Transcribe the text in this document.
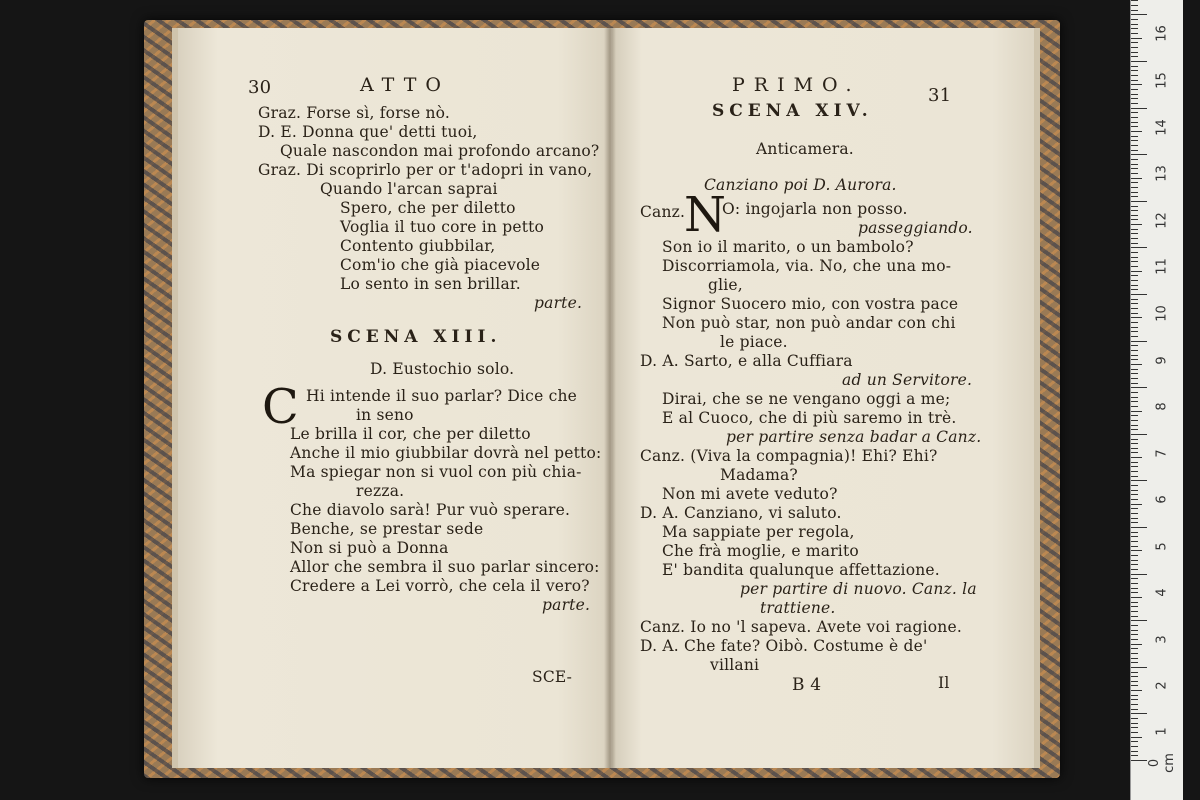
30	ATTO
Graz. Forse sì, forse nò.
D. E. Donna que' detti tuoi,
Quale nascondon mai profondo arcano?
Graz. Di scoprirlo per or t'adopri in vano,
Quando l'arcan saprai
Spero, che per diletto
Voglia il tuo core in petto
Contento giubbilar,
Com'io che già piacevole
Lo sento in sen brillar.
parte.
SCENA XIII.
D. Eustochio solo.
C Hi intende il suo parlar? Dice che
in seno
Le brilla il cor, che per diletto
Anche il mio giubbilar dovrà nel petto:
Ma spiegar non si vuol con più chia-
rezza.
Che diavolo sarà! Pur vuò sperare.
Benche, se prestar sede
Non si può a Donna
Allor che sembra il suo parlar sincero:
Credere a Lei vorrò, che cela il vero?
parte.
SCE-
PRIMO.	31
SCENA XIV.
Anticamera.
Canziano poi D. Aurora.
Canz.
N
O: ingojarla non posso.
passeggiando.
Son io il marito, o un bambolo?
Discorriamola, via. No, che una mo-
glie,
Signor Suocero mio, con vostra pace
Non può star, non può andar con chi
le piace.
D. A. Sarto, e alla Cuffiara
ad un Servitore.
Dirai, che se ne vengano oggi a me;
E al Cuoco, che di più saremo in trè.
per partire senza badar a Canz.
Canz. (Viva la compagnia)! Ehi? Ehi?
Madama?
Non mi avete veduto?
D. A. Canziano, vi saluto.
Ma sappiate per regola,
Che frà moglie, e marito
E' bandita qualunque affettazione.
per partire di nuovo. Canz. la
trattiene.
Canz. Io no 'l sapeva. Avete voi ragione.
D. A. Che fate? Oibò. Costume è de'
villani
B 4	Il
0 cm
1
2
3
4
5
6
7
8
9
10
11
12
13
14
15
16
